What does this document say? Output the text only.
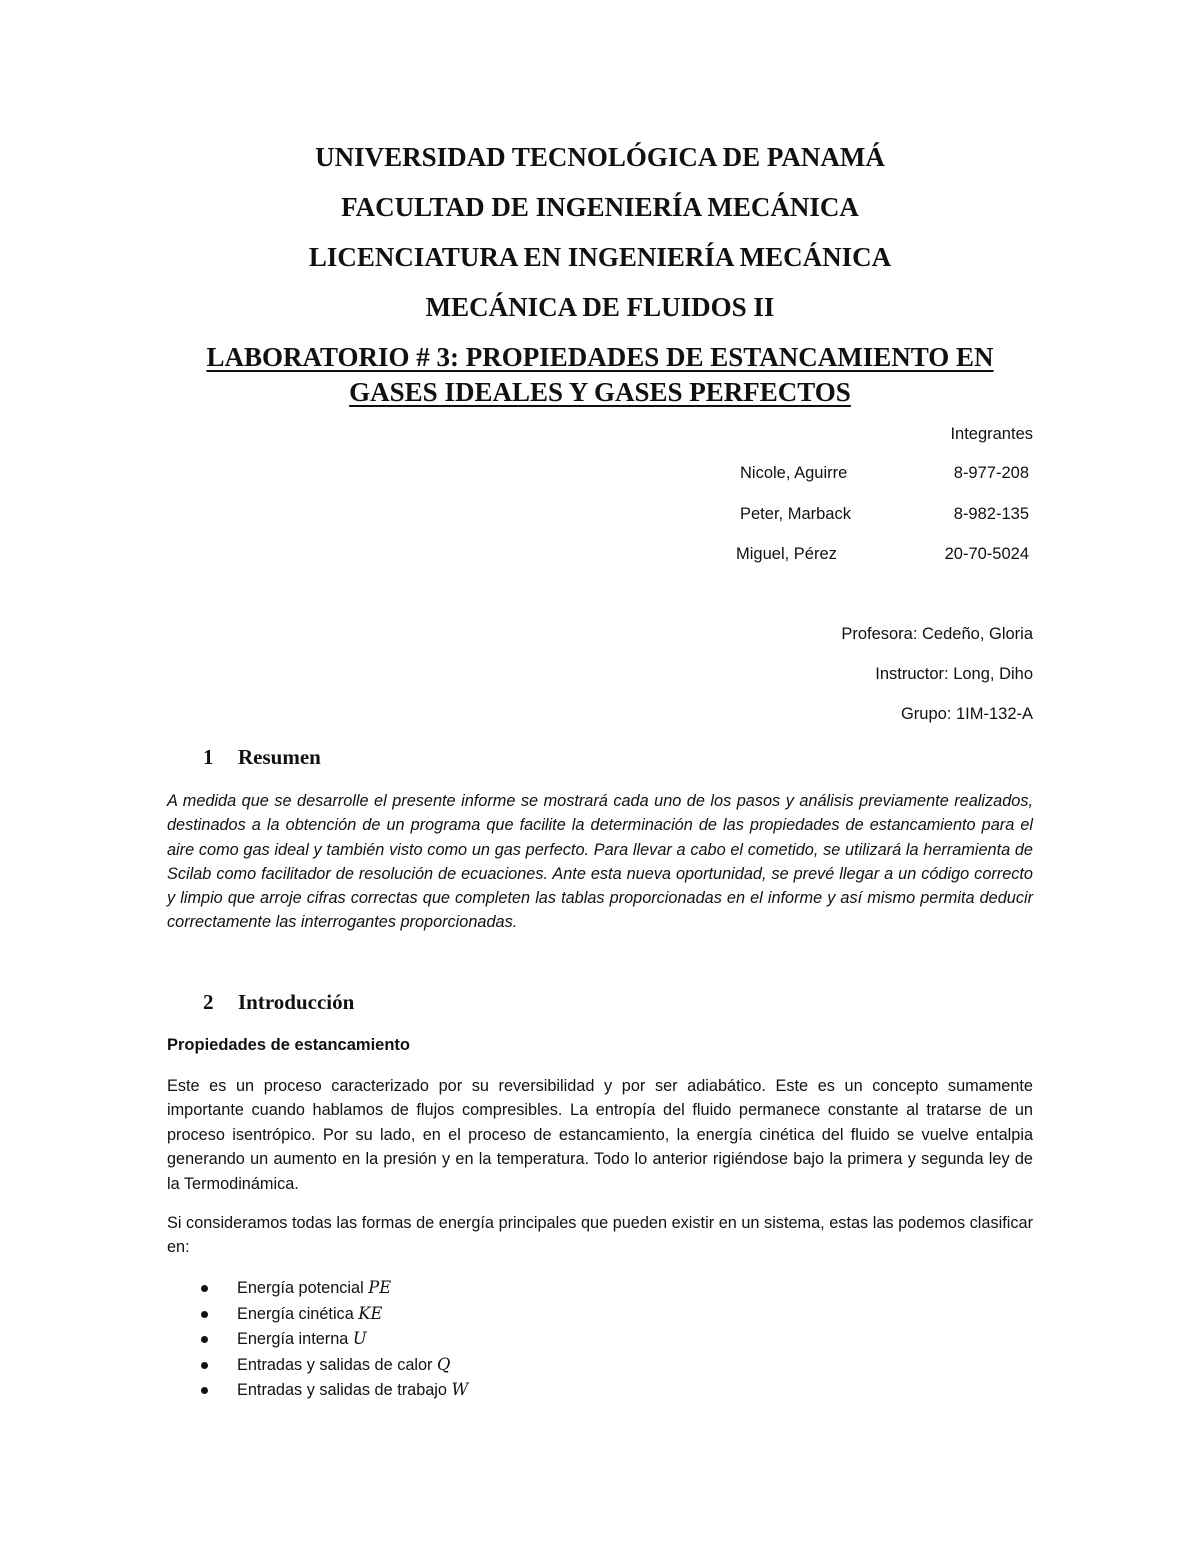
UNIVERSIDAD TECNOLÓGICA DE PANAMÁ
FACULTAD DE INGENIERÍA MECÁNICA
LICENCIATURA EN INGENIERÍA MECÁNICA
MECÁNICA DE FLUIDOS II
LABORATORIO # 3: PROPIEDADES DE ESTANCAMIENTO EN
GASES IDEALES Y GASES PERFECTOS
Integrantes
Nicole, Aguirre	8-977-208
Peter, Marback	8-982-135
Miguel, Pérez	20-70-5024
Profesora: Cedeño, Gloria
Instructor: Long, Diho
Grupo: 1IM-132-A
1 Resumen

A medida que se desarrolle el presente informe se mostrará cada uno de los pasos y análisis previamente realizados, destinados a la obtención de un programa que facilite la determinación de las propiedades de estancamiento para el aire como gas ideal y también visto como un gas perfecto. Para llevar a cabo el cometido, se utilizará la herramienta de Scilab como facilitador de resolución de ecuaciones. Ante esta nueva oportunidad, se prevé llegar a un código correcto y limpio que arroje cifras correctas que completen las tablas proporcionadas en el informe y así mismo permita deducir correctamente las interrogantes proporcionadas.

2 Introducción
Propiedades de estancamiento

Este es un proceso caracterizado por su reversibilidad y por ser adiabático. Este es un concepto sumamente importante cuando hablamos de flujos compresibles. La entropía del fluido permanece constante al tratarse de un proceso isentrópico. Por su lado, en el proceso de estancamiento, la energía cinética del fluido se vuelve entalpia generando un aumento en la presión y en la temperatura. Todo lo anterior rigiéndose bajo la primera y segunda ley de la Termodinámica.

Si consideramos todas las formas de energía principales que pueden existir en un sistema, estas las podemos clasificar en:

Energía potencial PE
Energía cinética KE
Energía interna U
Entradas y salidas de calor Q
Entradas y salidas de trabajo W
